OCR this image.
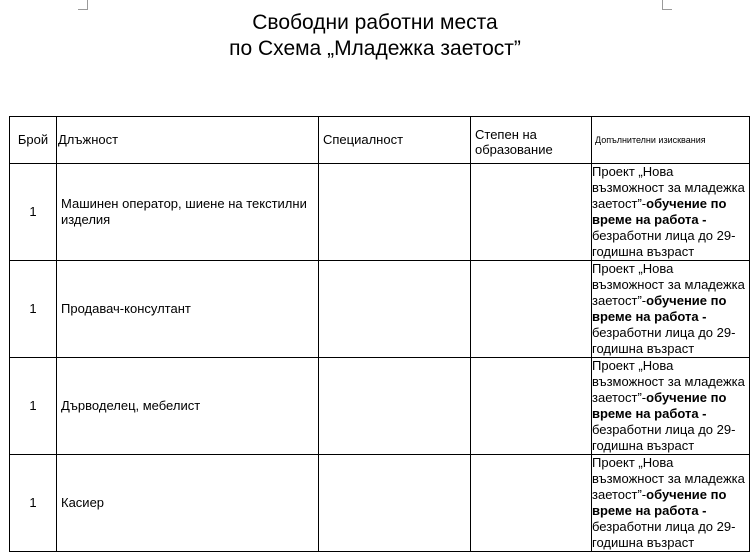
Свободни работни места
по Схема „Младежка заетост”
Брой	Длъжност	Специалност	Степен на образование	Допълнителни изисквания
1	Машинен оператор, шиене на текстилни изделия			Проект „Нова възможност за младежка заетост”-обучение по време на работа - безработни лица до 29-годишна възраст
1	Продавач-консултант			Проект „Нова възможност за младежка заетост”-обучение по време на работа - безработни лица до 29-годишна възраст
1	Дърводелец, мебелист			Проект „Нова възможност за младежка заетост”-обучение по време на работа - безработни лица до 29-годишна възраст
1	Касиер			Проект „Нова възможност за младежка заетост”-обучение по време на работа - безработни лица до 29-годишна възраст
